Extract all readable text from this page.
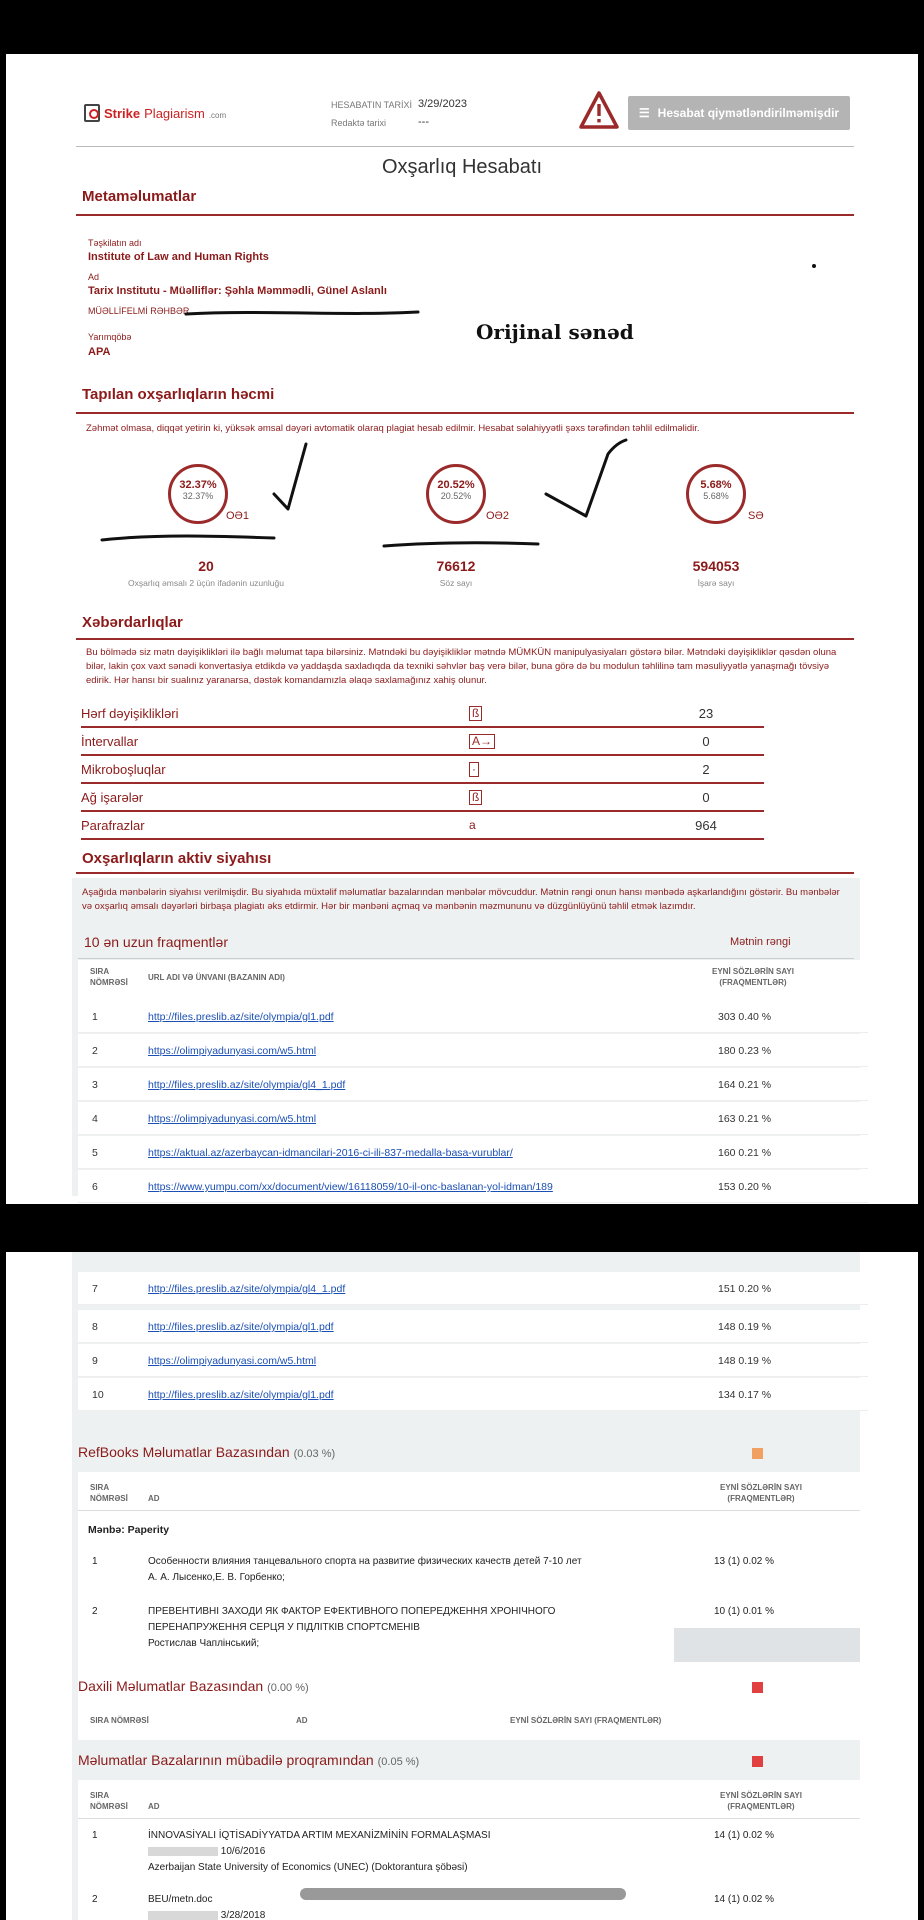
Strike Plagiarism .com
HESABATIN TARİXİ 3/29/2023
Redaktə tarixi	---
☰ Hesabat qiymətləndirilməmişdir
Oxşarlıq Hesabatı
Metaməlumatlar
Təşkilatın adı
Institute of Law and Human Rights
Ad
Tarix Institutu - Müəlliflər: Şəhla Məmmədli, Günel Aslanlı
MÜƏLLİFELMİ RƏHBƏR
Yarımqöbə
APA
Orijinal sənəd
Tapılan oxşarlıqların həcmi
Zəhmət olmasa, diqqət yetirin ki, yüksək əmsal dəyəri avtomatik olaraq plagiat hesab edilmir. Hesabat səlahiyyətli şəxs tərəfindən təhlil edilməlidir.
32.37%
32.37%
OƏ1
20.52%
20.52%
OƏ2
5.68%
5.68%
SƏ
20
Oxşarlıq əmsalı 2 üçün ifadənin uzunluğu
76612
Söz sayı
594053
İşarə sayı
Xəbərdarlıqlar
Bu bölmədə siz mətn dəyişiklikləri ilə bağlı məlumat tapa bilərsiniz. Mətndəki bu dəyişikliklər mətndə MÜMKÜN manipulyasiyaları göstərə bilər. Mətndəki dəyişikliklər qəsdən oluna bilər, lakin çox vaxt sənədi konvertasiya etdikdə və yaddaşda saxladıqda da texniki səhvlər baş verə bilər, buna görə də bu modulun təhlilinə tam məsuliyyətlə yanaşmağı tövsiyə edirik. Hər hansı bir sualınız yaranarsa, dəstək komandamızla əlaqə saxlamağınız xahiş olunur.
Hərf dəyişiklikləri	ß	23
İntervallar	A→	0
Mikroboşluqlar	·	2
Ağ işarələr	ß	0
Parafrazlar	a	964
Oxşarlıqların aktiv siyahısı
Aşağıda mənbələrin siyahısı verilmişdir. Bu siyahıda müxtəlif məlumatlar bazalarından mənbələr mövcuddur. Mətnin rəngi onun hansı mənbədə aşkarlandığını göstərir. Bu mənbələr və oxşarlıq əmsalı dəyərləri birbaşa plagiatı əks etdirmir. Hər bir mənbəni açmaq və mənbənin məzmununu və düzgünlüyünü təhlil etmək lazımdır.
10 ən uzun fraqmentlər	Mətnin rəngi
SIRA NÖMRƏSİ
URL ADI VƏ ÜNVANI (BAZANIN ADI)
EYNİ SÖZLƏRİN SAYI (FRAQMENTLƏR)
1	http://files.preslib.az/site/olympia/gl1.pdf	303 0.40 %
2	https://olimpiyadunyasi.com/w5.html	180 0.23 %
3	http://files.preslib.az/site/olympia/gl4_1.pdf	164 0.21 %
4	https://olimpiyadunyasi.com/w5.html	163 0.21 %
5	https://aktual.az/azerbaycan-idmancilari-2016-ci-ili-837-medalla-basa-vurublar/	160 0.21 %
6	https://www.yumpu.com/xx/document/view/16118059/10-il-onc-baslanan-yol-idman/189	153 0.20 %
7	http://files.preslib.az/site/olympia/gl4_1.pdf	151 0.20 %
8	http://files.preslib.az/site/olympia/gl1.pdf	148 0.19 %
9	https://olimpiyadunyasi.com/w5.html	148 0.19 %
10	http://files.preslib.az/site/olympia/gl1.pdf	134 0.17 %
RefBooks Məlumatlar Bazasından (0.03 %)
SIRA NÖMRƏSİ	AD
EYNİ SÖZLƏRİN SAYI (FRAQMENTLƏR)
Mənbə: Paperity
1	Особенности влияния танцевального спорта на развитие физических качеств детей 7-10 лет
А. А. Лысенко,Е. В. Горбенко;
13 (1) 0.02 %
2	ПРЕВЕНТИВНІ ЗАХОДИ ЯК ФАКТОР ЕФЕКТИВНОГО ПОПЕРЕДЖЕННЯ ХРОНІЧНОГО
ПЕРЕНАПРУЖЕННЯ СЕРЦЯ У ПІДЛІТКІВ СПОРТСМЕНІВ
Ростислав Чаплінський;
10 (1) 0.01 %
Daxili Məlumatlar Bazasından (0.00 %)
SIRA NÖMRƏSİ	AD	EYNİ SÖZLƏRİN SAYI (FRAQMENTLƏR)
Məlumatlar Bazalarının mübadilə proqramından (0.05 %)
SIRA NÖMRƏSİ	AD
EYNİ SÖZLƏRİN SAYI (FRAQMENTLƏR)
1	İNNOVASİYALI İQTİSADİYYATDA ARTIM MEXANİZMİNİN FORMALAŞMASI
10/6/2016
Azerbaijan State University of Economics (UNEC) (Doktorantura şöbəsi)
14 (1) 0.02 %
2	BEU/metn.doc
3/28/2018
14 (1) 0.02 %
